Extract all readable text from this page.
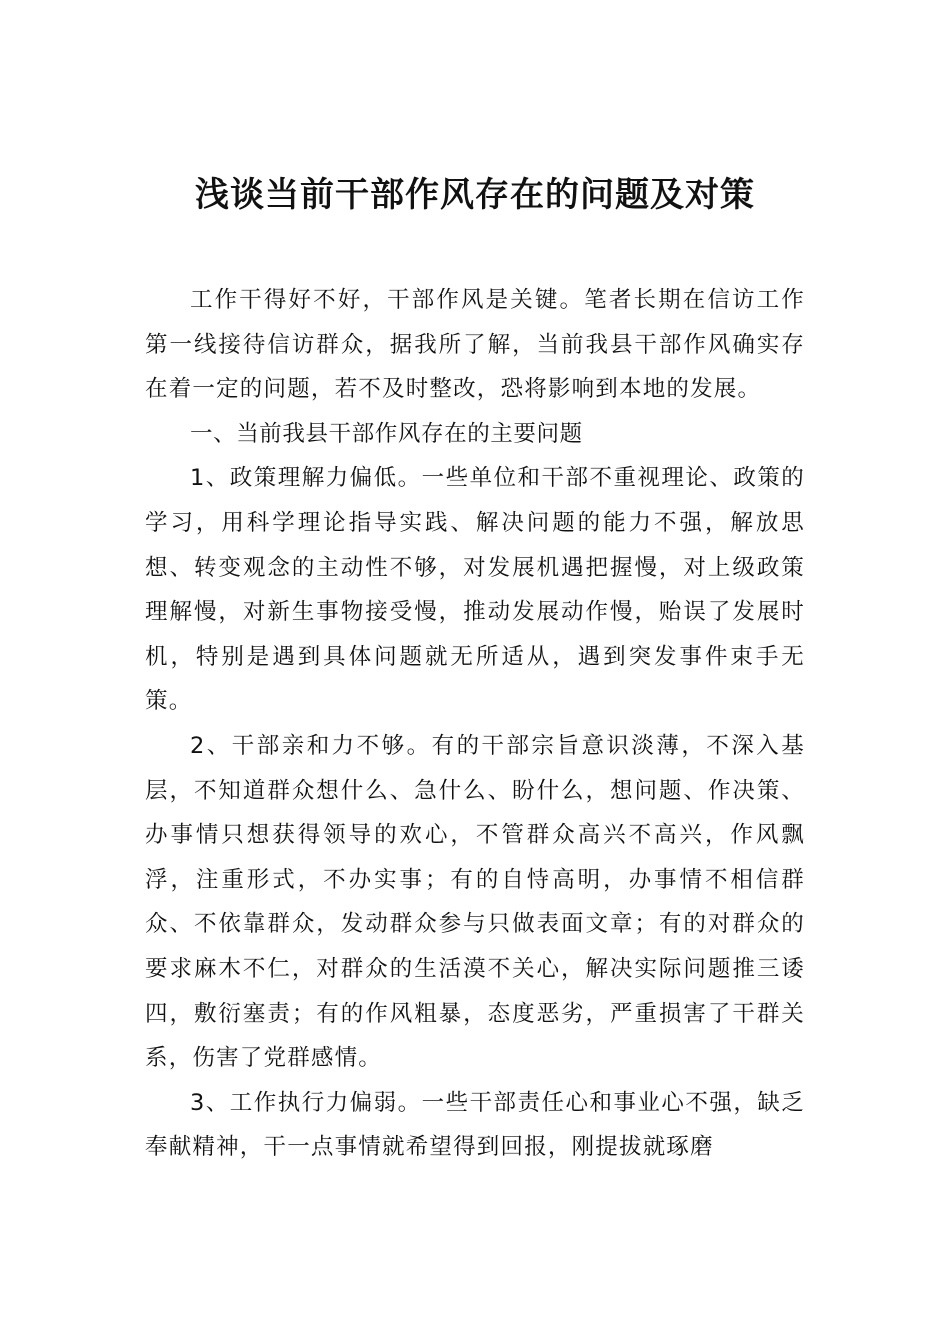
浅谈当前干部作风存在的问题及对策

工作干得好不好，干部作风是关键。笔者长期在信访工作第一线接待信访群众，据我所了解，当前我县干部作风确实存在着一定的问题，若不及时整改，恐将影响到本地的发展。

一、当前我县干部作风存在的主要问题

1、政策理解力偏低。一些单位和干部不重视理论、政策的学习，用科学理论指导实践、解决问题的能力不强，解放思想、转变观念的主动性不够，对发展机遇把握慢，对上级政策理解慢，对新生事物接受慢，推动发展动作慢，贻误了发展时机，特别是遇到具体问题就无所适从，遇到突发事件束手无策。

2、干部亲和力不够。有的干部宗旨意识淡薄，不深入基层，不知道群众想什么、急什么、盼什么，想问题、作决策、办事情只想获得领导的欢心，不管群众高兴不高兴，作风飘浮，注重形式，不办实事；有的自恃高明，办事情不相信群众、不依靠群众，发动群众参与只做表面文章；有的对群众的要求麻木不仁，对群众的生活漠不关心，解决实际问题推三诿四，敷衍塞责；有的作风粗暴，态度恶劣，严重损害了干群关系，伤害了党群感情。

3、工作执行力偏弱。一些干部责任心和事业心不强，缺乏奉献精神，干一点事情就希望得到回报，刚提拔就琢磨
